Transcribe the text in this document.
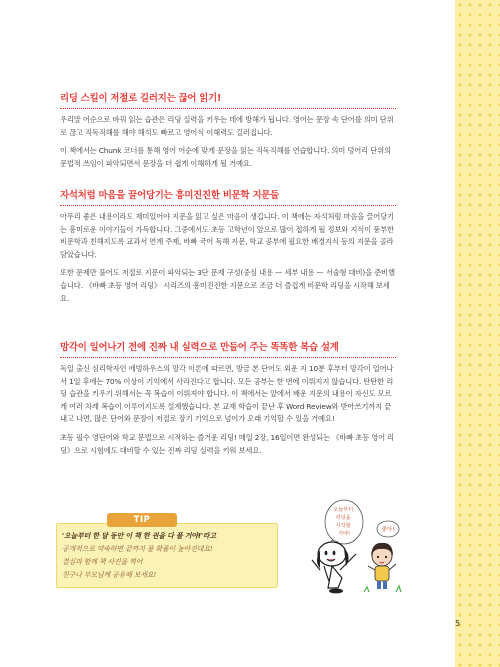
리딩 스킬이 저절로 길러지는 끊어 읽기!

우리말 어순으로 바꿔 읽는 습관은 리딩 실력을 키우는 데에 방해가 됩니다. 영어는 문장 속 단어를 의미 단위로 끊고 직독직해를 해야 해석도 빠르고 영어식 이해력도 길러집니다.

이 책에서는 Chunk 코너를 통해 영어 어순에 맞게 문장을 읽는 직독직해를 연습합니다. 의미 덩어리 단위의 문법적 쓰임이 파악되면서 문장을 더 쉽게 이해하게 될 거예요.

자석처럼 마음을 끌어당기는 흥미진진한 비문학 지문들

아무리 좋은 내용이라도 재미있어야 지문을 읽고 싶은 마음이 생깁니다. 이 책에는 자석처럼 마음을 끌어당기는 흥미로운 이야기들이 가득합니다. 그중에서도 초등 고학년이 앞으로 많이 접하게 될 정보와 지식이 풍부한 비문학과 친해지도록 교과서 연계 주제, 바빠 국어 독해 지문, 학교 공부에 필요한 배경지식 등의 지문을 골라 담았습니다.

또한 문제만 풀어도 저절로 지문이 파악되는 3단 문제 구성(중심 내용 — 세부 내용 — 서술형 대비)을 준비했습니다. 《바빠 초등 영어 리딩》 시리즈의 흥미진진한 지문으로 조금 더 즐겁게 비문학 리딩을 시작해 보세요.

망각이 일어나기 전에 진짜 내 실력으로 만들어 주는 똑똑한 복습 설계

독일 출신 심리학자인 에빙하우스의 망각 이론에 따르면, 방금 본 단어도 외운 지 10분 후부터 망각이 일어나서 1일 후에는 70% 이상이 기억에서 사라진다고 합니다. 모든 공부는 한 번에 이뤄지지 않습니다. 탄탄한 리딩 습관을 키우기 위해서는 꼭 복습이 이뤄져야 합니다. 이 책에서는 앞에서 배운 지문의 내용이 자신도 모르게 여러 차례 복습이 이루어지도록 설계했습니다. 본 교재 학습이 끝난 후 Word Review와 받아쓰기까지 끝내고 나면, 많은 단어와 문장이 저절로 장기 기억으로 넘어가 오래 기억할 수 있을 거예요!

초등 필수 영단어와 학교 문법으로 시작하는 즐거운 리딩! 매일 2장, 16일이면 완성되는 《바빠 초등 영어 리딩》으로 시험에도 대비할 수 있는 진짜 리딩 실력을 키워 보세요.

TIP
'오늘부터 한 달 동안 이 책 한 권을 다 풀 거야!'라고
공개적으로 약속하면 끝까지 풀 확률이 높아진대요!
결심과 함께 책 사진을 찍어
친구나 부모님께 공유해 보세요!
오늘부터 리딩을 시작할 거야!
좋아!
5
